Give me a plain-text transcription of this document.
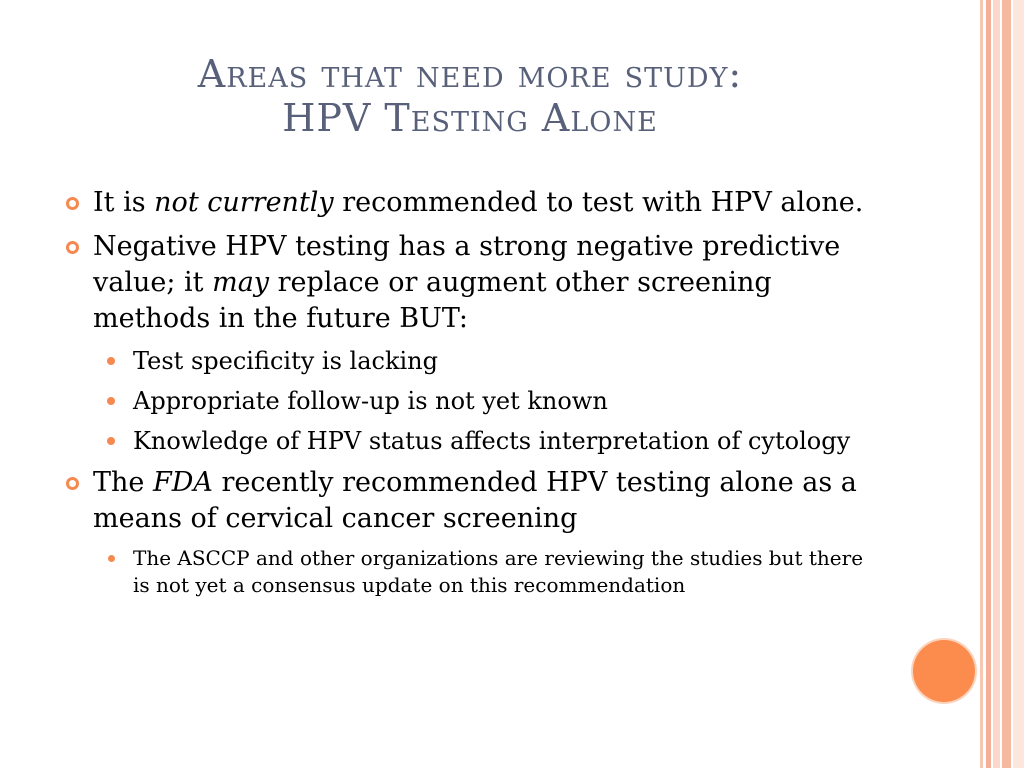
Areas that need more study:
HPV Testing Alone
It is not currently recommended to test with HPV alone.
Negative HPV testing has a strong negative predictive value; it may replace or augment other screening methods in the future BUT:
Test specificity is lacking
Appropriate follow-up is not yet known
Knowledge of HPV status affects interpretation of cytology
The FDA recently recommended HPV testing alone as a means of cervical cancer screening
The ASCCP and other organizations are reviewing the studies but there is not yet a consensus update on this recommendation
